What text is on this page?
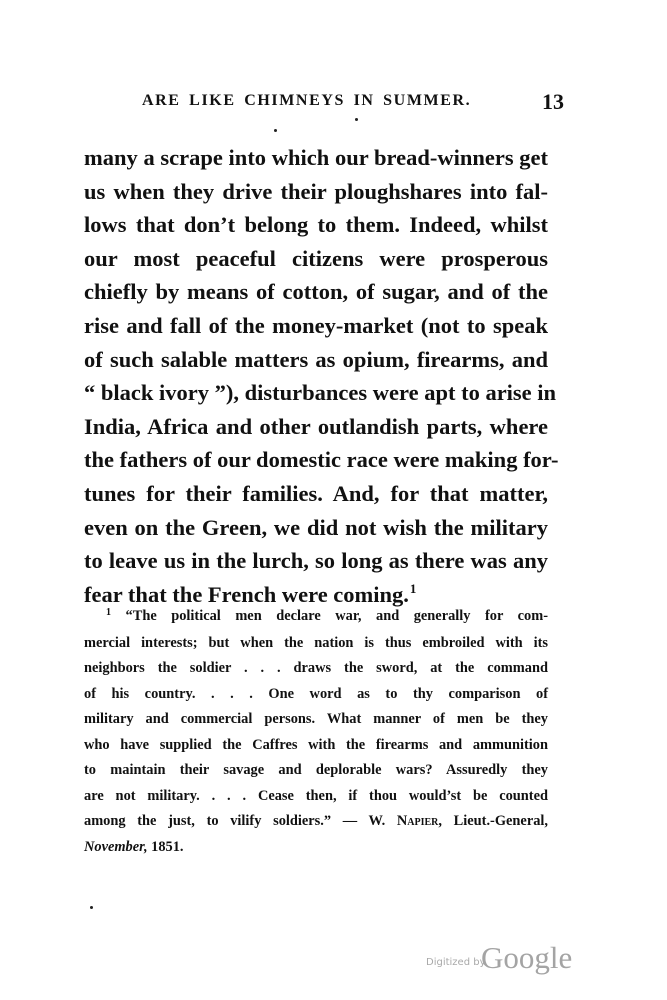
ARE LIKE CHIMNEYS IN SUMMER.	13
many a scrape into which our bread-winners get
us when they drive their ploughshares into fal-
lows that don’t belong to them. Indeed, whilst
our most peaceful citizens were prosperous
chiefly by means of cotton, of sugar, and of the
rise and fall of the money-market (not to speak
of such salable matters as opium, firearms, and
“ black ivory ”), disturbances were apt to arise in
India, Africa and other outlandish parts, where
the fathers of our domestic race were making for-
tunes for their families. And, for that matter,
even on the Green, we did not wish the military
to leave us in the lurch, so long as there was any
fear that the French were coming.$^1$
$^1$ “The political men declare war, and generally for com-
mercial interests; but when the nation is thus embroiled with its
neighbors the soldier . . . draws the sword, at the command
of his country. . . . One word as to thy comparison of
military and commercial persons. What manner of men be they
who have supplied the Caffres with the firearms and ammunition
to maintain their savage and deplorable wars? Assuredly they
are not military. . . . Cease then, if thou would’st be counted
among the just, to vilify soldiers.” — W. Napier, Lieut.-General,
November, 1851.
Digitized by
Google
